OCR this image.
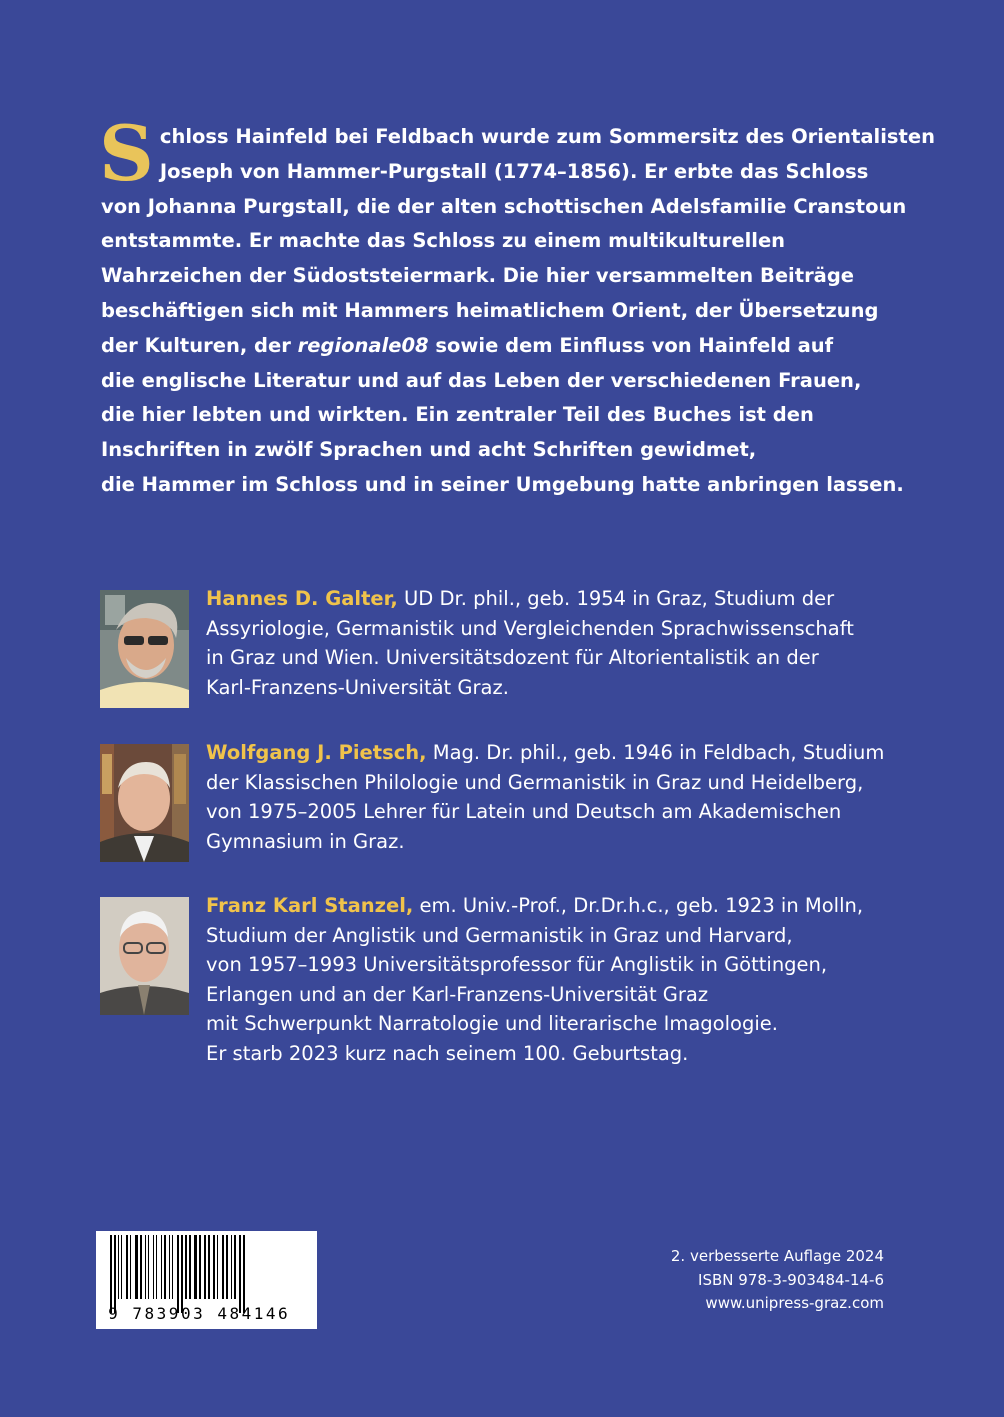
S chloss Hainfeld bei Feldbach wurde zum Sommersitz des Orientalisten
Joseph von Hammer-Purgstall (1774–1856). Er erbte das Schloss
von Johanna Purgstall, die der alten schottischen Adelsfamilie Cranstoun
entstammte. Er machte das Schloss zu einem multikulturellen
Wahrzeichen der Südoststeiermark. Die hier versammelten Beiträge
beschäftigen sich mit Hammers heimatlichem Orient, der Übersetzung
der Kulturen, der regionale08 sowie dem Einfluss von Hainfeld auf
die englische Literatur und auf das Leben der verschiedenen Frauen,
die hier lebten und wirkten. Ein zentraler Teil des Buches ist den
Inschriften in zwölf Sprachen und acht Schriften gewidmet,
die Hammer im Schloss und in seiner Umgebung hatte anbringen lassen.
Hannes D. Galter, UD Dr. phil., geb. 1954 in Graz, Studium der
Assyriologie, Germanistik und Vergleichenden Sprachwissenschaft
in Graz und Wien. Universitätsdozent für Altorientalistik an der
Karl-Franzens-Universität Graz.
Wolfgang J. Pietsch, Mag. Dr. phil., geb. 1946 in Feldbach, Studium
der Klassischen Philologie und Germanistik in Graz und Heidelberg,
von 1975–2005 Lehrer für Latein und Deutsch am Akademischen
Gymnasium in Graz.
Franz Karl Stanzel, em. Univ.-Prof., Dr.Dr.h.c., geb. 1923 in Molln,
Studium der Anglistik und Germanistik in Graz und Harvard,
von 1957–1993 Universitätsprofessor für Anglistik in Göttingen,
Erlangen und an der Karl-Franzens-Universität Graz
mit Schwerpunkt Narratologie und literarische Imagologie.
Er starb 2023 kurz nach seinem 100. Geburtstag.
9 783903 484146
2. verbesserte Auflage 2024
ISBN 978-3-903484-14-6
www.unipress-graz.com
